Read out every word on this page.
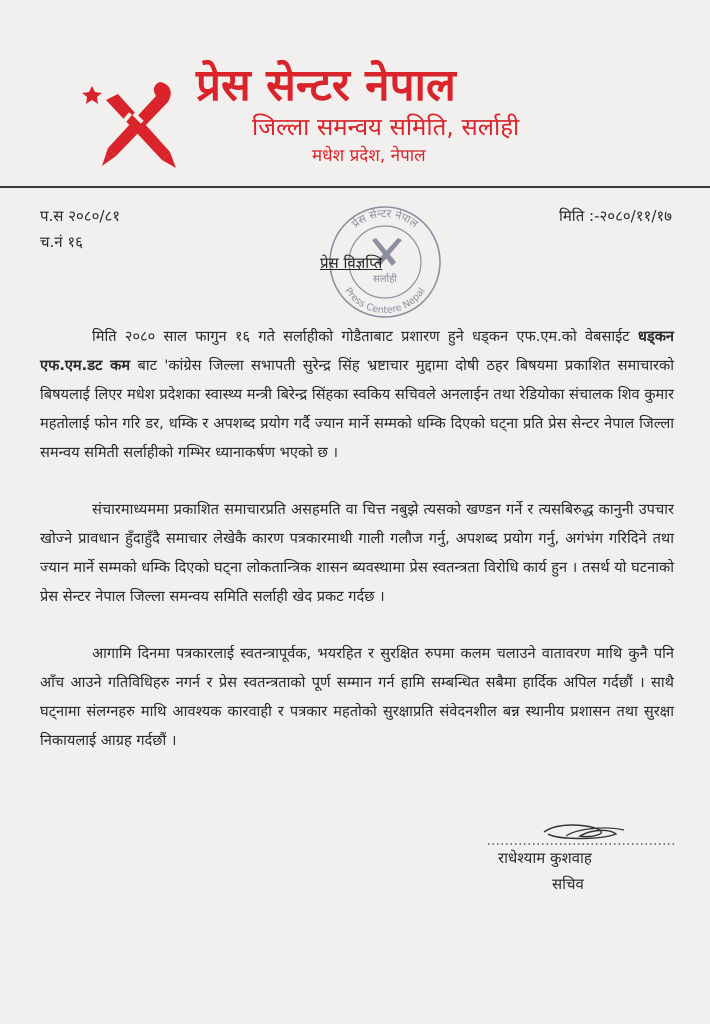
प्रेस सेन्टर नेपाल
जिल्ला समन्वय समिति, सर्लाही
मधेश प्रदेश, नेपाल
प.स २०८०/८१
च.नं १६
मिति :-२०८०/११/१७
प्रेस सेन्टर नेपाल
Press Centere Nepal
सर्लाही
प्रेस विज्ञप्ति

मिति २०८० साल फागुन १६ गते सर्लाहीको गोडैताबाट प्रशारण हुने धड्कन एफ.एम.को वेबसाईट धड्कन एफ.एम.डट कम बाट 'कांग्रेस जिल्ला सभापती सुरेन्द्र सिंह भ्रष्टाचार मुद्दामा दोषी ठहर बिषयमा प्रकाशित समाचारको बिषयलाई लिएर मधेश प्रदेशका स्वास्थ्य मन्त्री बिरेन्द्र सिंहका स्वकिय सचिवले अनलाईन तथा रेडियोका संचालक शिव कुमार महतोलाई फोन गरि डर, धम्कि र अपशब्द प्रयोग गर्दै ज्यान मार्ने सम्मको धम्कि दिएको घट्ना प्रति प्रेस सेन्टर नेपाल जिल्ला समन्वय समिती सर्लाहीको गम्भिर ध्यानाकर्षण भएको छ ।

संचारमाध्यममा प्रकाशित समाचारप्रति असहमति वा चित्त नबुझे त्यसको खण्डन गर्ने र त्यसबिरुद्ध कानुनी उपचार खोज्ने प्रावधान हुँदाहुँदै समाचार लेखेकै कारण पत्रकारमाथी गाली गलौज गर्नु, अपशब्द प्रयोग गर्नु, अगंभंग गरिदिने तथा ज्यान मार्ने सम्मको धम्कि दिएको घट्ना लोकतान्त्रिक शासन ब्यवस्थामा प्रेस स्वतन्त्रता विरोधि कार्य हुन । तसर्थ यो घटनाको प्रेस सेन्टर नेपाल जिल्ला समन्वय समिति सर्लाही खेद प्रकट गर्दछ ।

आगामि दिनमा पत्रकारलाई स्वतन्त्रापूर्वक, भयरहित र सुरक्षित रुपमा कलम चलाउने वातावरण माथि कुनै पनि आँच आउने गतिविधिहरु नगर्न र प्रेस स्वतन्त्रताको पूर्ण सम्मान गर्न हामि सम्बन्धित सबैमा हार्दिक अपिल गर्दछौं । साथै घट्नामा संलग्नहरु माथि आवश्यक कारवाही र पत्रकार महतोको सुरक्षाप्रति संवेदनशील बन्न स्थानीय प्रशासन तथा सुरक्षा निकायलाई आग्रह गर्दछौं ।

राधेश्याम कुशवाह
सचिव
